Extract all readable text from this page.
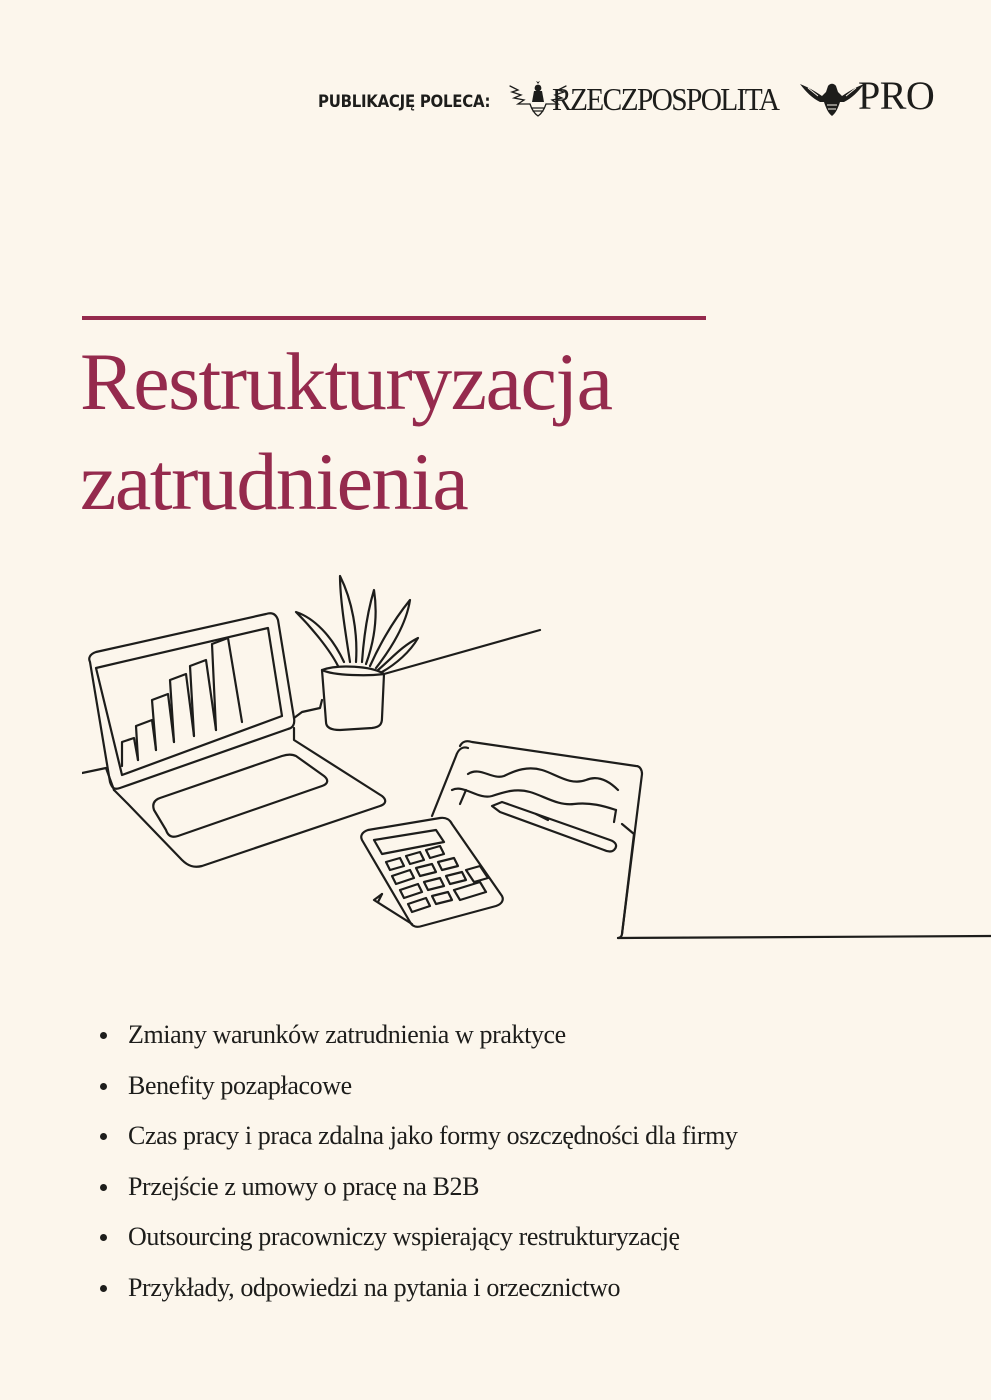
PUBLIKACJĘ POLECA: RZECZPOSPOLITA PRO
Restrukturyzacja
zatrudnienia
Zmiany warunków zatrudnienia w praktyce
Benefity pozapłacowe
Czas pracy i praca zdalna jako formy oszczędności dla firmy
Przejście z umowy o pracę na B2B
Outsourcing pracowniczy wspierający restrukturyzację
Przykłady, odpowiedzi na pytania i orzecznictwo
